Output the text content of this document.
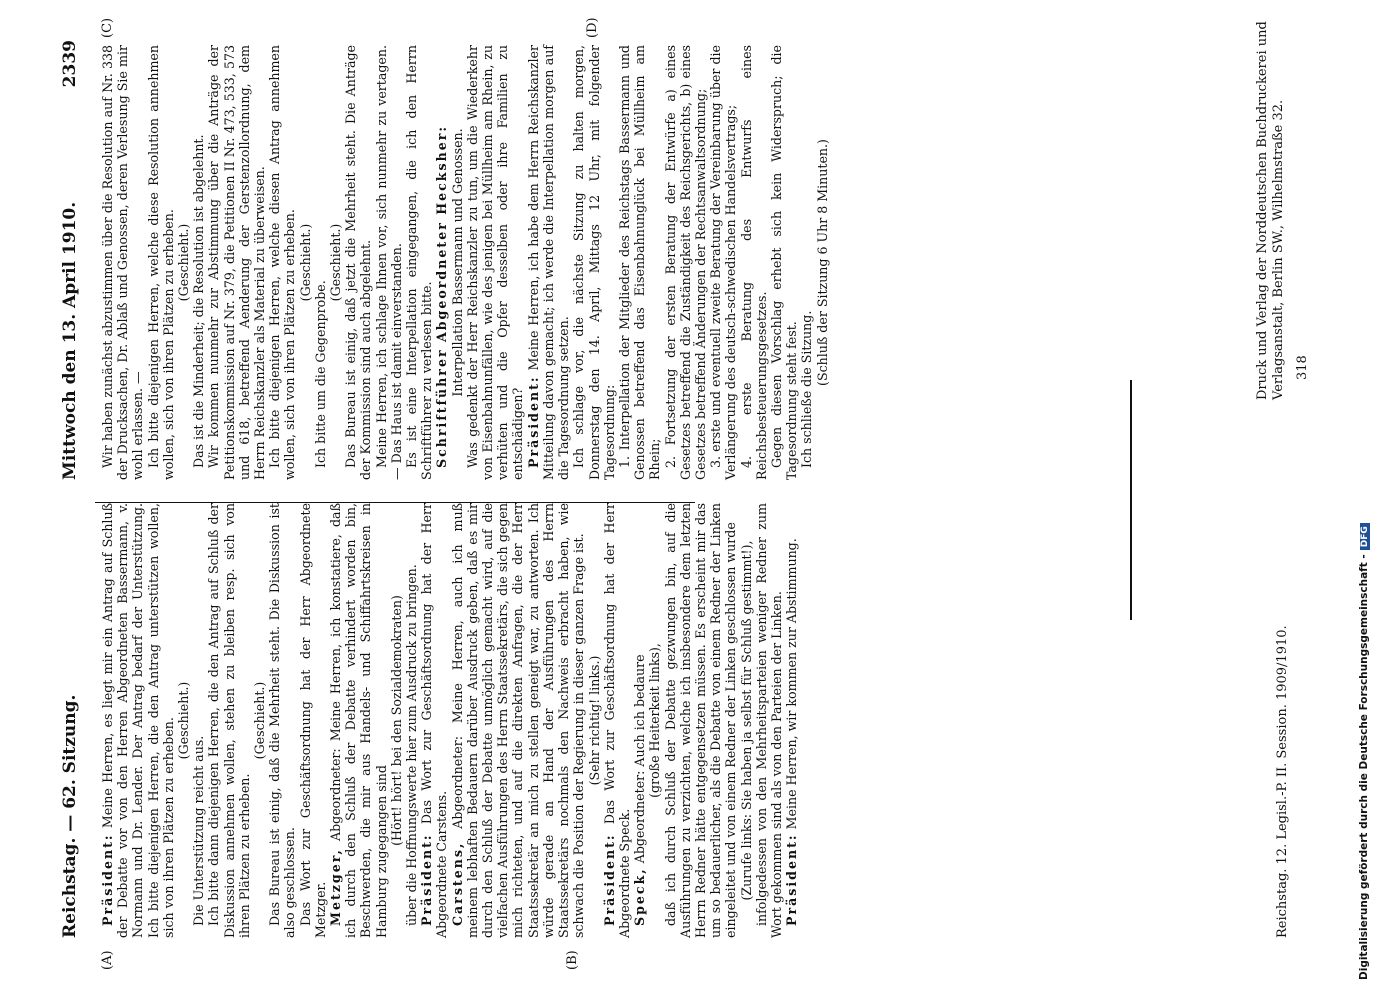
Reichstag. — 62. Sitzung.
Mittwoch den 13. April 1910.
2339
(A)	(B)
(C)	(D)

Präsident: Meine Herren, es liegt mir ein Antrag auf Schluß der Debatte vor von den Herren Abgeordneten Bassermann, v. Normann und Dr. Lender. Der Antrag bedarf der Unterstützung. Ich bitte diejenigen Herren, die den Antrag unterstützen wollen, sich von ihren Plätzen zu erheben. (Geschieht.)

Die Unterstützung reicht aus. Ich bitte dann diejenigen Herren, die den Antrag auf Schluß der Diskussion annehmen wollen, stehen zu bleiben resp. sich von ihren Plätzen zu erheben.

(Geschieht.) Das Bureau ist einig, daß die Mehrheit steht. Die Diskussion ist also geschlossen. Das Wort zur Geschäftsordnung hat der Herr Abgeordnete Metzger. Metzger, Abgeordneter: Meine Herren, ich konstatiere, daß ich durch den Schluß der Debatte verhindert worden bin, Beschwerden, die mir aus Handels- und Schiffahrtskreisen in Hamburg zugegangen sind

(Hört! hört! bei den Sozialdemokraten) über die Hoffnungswerte hier zum Ausdruck zu bringen. Präsident: Das Wort zur Geschäftsordnung hat der Herr Abgeordnete Carstens. Carstens, Abgeordneter: Meine Herren, auch ich muß meinem lebhaften Bedauern darüber Ausdruck geben, daß es mir durch den Schluß der Debatte unmöglich gemacht wird, auf die vielfachen Ausführungen des Herrn Staatssekretärs, die sich gegen mich richteten, und auf die direkten Anfragen, die der Herr Staatssekretär an mich zu stellen geneigt war, zu antworten. Ich würde gerade an Hand der Ausführungen des Herrn Staatssekretärs nochmals den Nachweis erbracht haben, wie schwach die Position der Regierung in dieser ganzen Frage ist. (Sehr richtig! links.)

Präsident: Das Wort zur Geschäftsordnung hat der Herr Abgeordnete Speck. Speck, Abgeordneter: Auch ich bedaure (große Heiterkeit links), daß ich durch Schluß der Debatte gezwungen bin, auf die Ausführungen zu verzichten, welche ich insbesondere dem letzten Herrn Redner hätte entgegensetzen müssen. Es erscheint mir das um so bedauerlicher, als die Debatte von einem Redner der Linken eingeleitet und von einem Redner der Linken geschlossen wurde (Zurufe links: Sie haben ja selbst für Schluß gestimmt!), infolgedessen von den Mehrheitsparteien weniger Redner zum Wort gekommen sind als von den Parteien der Linken. Präsident: Meine Herren, wir kommen zur Abstimmung.

Wir haben zunächst abzustimmen über die Resolution auf Nr. 338 der Drucksachen, Dr. Ablaß und Genossen, deren Verlesung Sie mir wohl erlassen. — Ich bitte diejenigen Herren, welche diese Resolution annehmen wollen, sich von ihren Plätzen zu erheben. (Geschieht.) Das ist die Minderheit; die Resolution ist abgelehnt. Wir kommen nunmehr zur Abstimmung über die Anträge der Petitionskommission auf Nr. 379, die Petitionen II Nr. 473, 533, 573 und 618, betreffend Aenderung der Gerstenzollordnung, dem Herrn Reichskanzler als Material zu überweisen. Ich bitte diejenigen Herren, welche diesen Antrag annehmen wollen, sich von ihren Plätzen zu erheben. (Geschieht.)

Ich bitte um die Gegenprobe.

(Geschieht.) Das Bureau ist einig, daß jetzt die Mehrheit steht. Die Anträge der Kommission sind auch abgelehnt. Meine Herren, ich schlage Ihnen vor, sich nunmehr zu vertagen. — Das Haus ist damit einverstanden. Es ist eine Interpellation eingegangen, die ich den Herrn Schriftführer zu verlesen bitte. Schriftführer Abgeordneter Hecksher: Interpellation Bassermann und Genossen. Was gedenkt der Herr Reichskanzler zu tun, um die Wiederkehr von Eisenbahnunfällen, wie des jenigen bei Müllheim am Rhein, zu verhüten und die Opfer desselben oder ihre Familien zu entschädigen? Präsident: Meine Herren, ich habe dem Herrn Reichskanzler Mitteilung davon gemacht; ich werde die Interpellation morgen auf die Tagesordnung setzen. Ich schlage vor, die nächste Sitzung zu halten morgen, Donnerstag den 14. April, Mittags 12 Uhr, mit folgender Tagesordnung: 1. Interpellation der Mitglieder des Reichstags Bassermann und Genossen betreffend das Eisenbahnunglück bei Müllheim am Rhein; 2. Fortsetzung der ersten Beratung der Entwürfe a) eines Gesetzes betreffend die Zuständigkeit des Reichsgerichts, b) eines Gesetzes betreffend Änderungen der Rechtsanwaltsordnung; 3. erste und eventuell zweite Beratung der Vereinbarung über die Verlängerung des deutsch-schwedischen Handelsvertrags; 4. erste Beratung des Entwurfs eines Reichsbesteuerungsgesetzes. Gegen diesen Vorschlag erhebt sich kein Widerspruch; die Tagesordnung steht fest. Ich schließe die Sitzung.

(Schluß der Sitzung 6 Uhr 8 Minuten.)

Reichstag. 12. Legisl.-P. II. Session. 1909/1910.
Druck und Verlag der Norddeutschen Buchdruckerei und Verlagsanstalt, Berlin SW., Wilhelmstraße 32. 318
Digitalisierung gefördert durch die Deutsche Forschungsgemeinschaft -DFG
